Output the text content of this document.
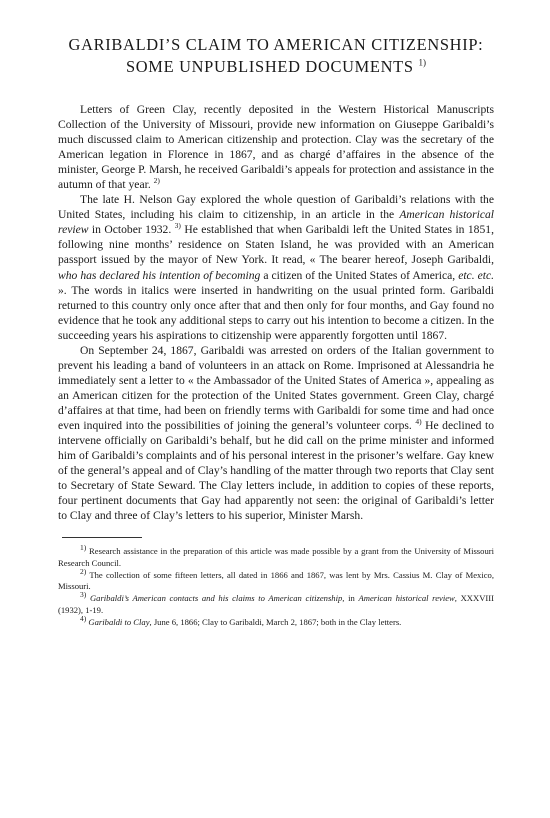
GARIBALDI’S CLAIM TO AMERICAN CITIZENSHIP:
SOME UNPUBLISHED DOCUMENTS $^{1)}$

Letters of Green Clay, recently deposited in the Western Historical Manuscripts Collection of the University of Missouri, provide new information on Giuseppe Garibaldi’s much discussed claim to American citizenship and protection. Clay was the secretary of the American legation in Florence in 1867, and as chargé d’affaires in the absence of the minister, George P. Marsh, he received Garibaldi’s appeals for protection and assistance in the autumn of that year. $^{2)}$

The late H. Nelson Gay explored the whole question of Garibaldi’s relations with the United States, including his claim to citizenship, in an article in the American historical review in October 1932. $^{3)}$ He established that when Garibaldi left the United States in 1851, following nine months’ residence on Staten Island, he was provided with an American passport issued by the mayor of New York. It read, « The bearer hereof, Joseph Garibaldi, who has declared his intention of becoming a citizen of the United States of America, etc. etc. ». The words in italics were inserted in handwriting on the usual printed form. Garibaldi returned to this country only once after that and then only for four months, and Gay found no evidence that he took any additional steps to carry out his intention to become a citizen. In the succeeding years his aspirations to citizenship were apparently forgotten until 1867.

On September 24, 1867, Garibaldi was arrested on orders of the Italian government to prevent his leading a band of volunteers in an attack on Rome. Imprisoned at Alessandria he immediately sent a letter to « the Ambassador of the United States of America », appealing as an American citizen for the protection of the United States government. Green Clay, chargé d’affaires at that time, had been on friendly terms with Garibaldi for some time and had once even inquired into the possibilities of joining the general’s volunteer corps. $^{4)}$ He declined to intervene officially on Garibaldi’s behalf, but he did call on the prime minister and informed him of Garibaldi’s complaints and of his personal interest in the prisoner’s welfare. Gay knew of the general’s appeal and of Clay’s handling of the matter through two reports that Clay sent to Secretary of State Seward. The Clay letters include, in addition to copies of these reports, four pertinent documents that Gay had apparently not seen: the original of Garibaldi’s letter to Clay and three of Clay’s letters to his superior, Minister Marsh.

$^{1)}$ Research assistance in the preparation of this article was made possible by a grant from the University of Missouri Research Council.

$^{2)}$ The collection of some fifteen letters, all dated in 1866 and 1867, was lent by Mrs. Cassius M. Clay of Mexico, Missouri.

$^{3)}$ Garibaldi’s American contacts and his claims to American citizenship, in American historical review, XXXVIII (1932), 1-19.

$^{4)}$ Garibaldi to Clay, June 6, 1866; Clay to Garibaldi, March 2, 1867; both in the Clay letters.
